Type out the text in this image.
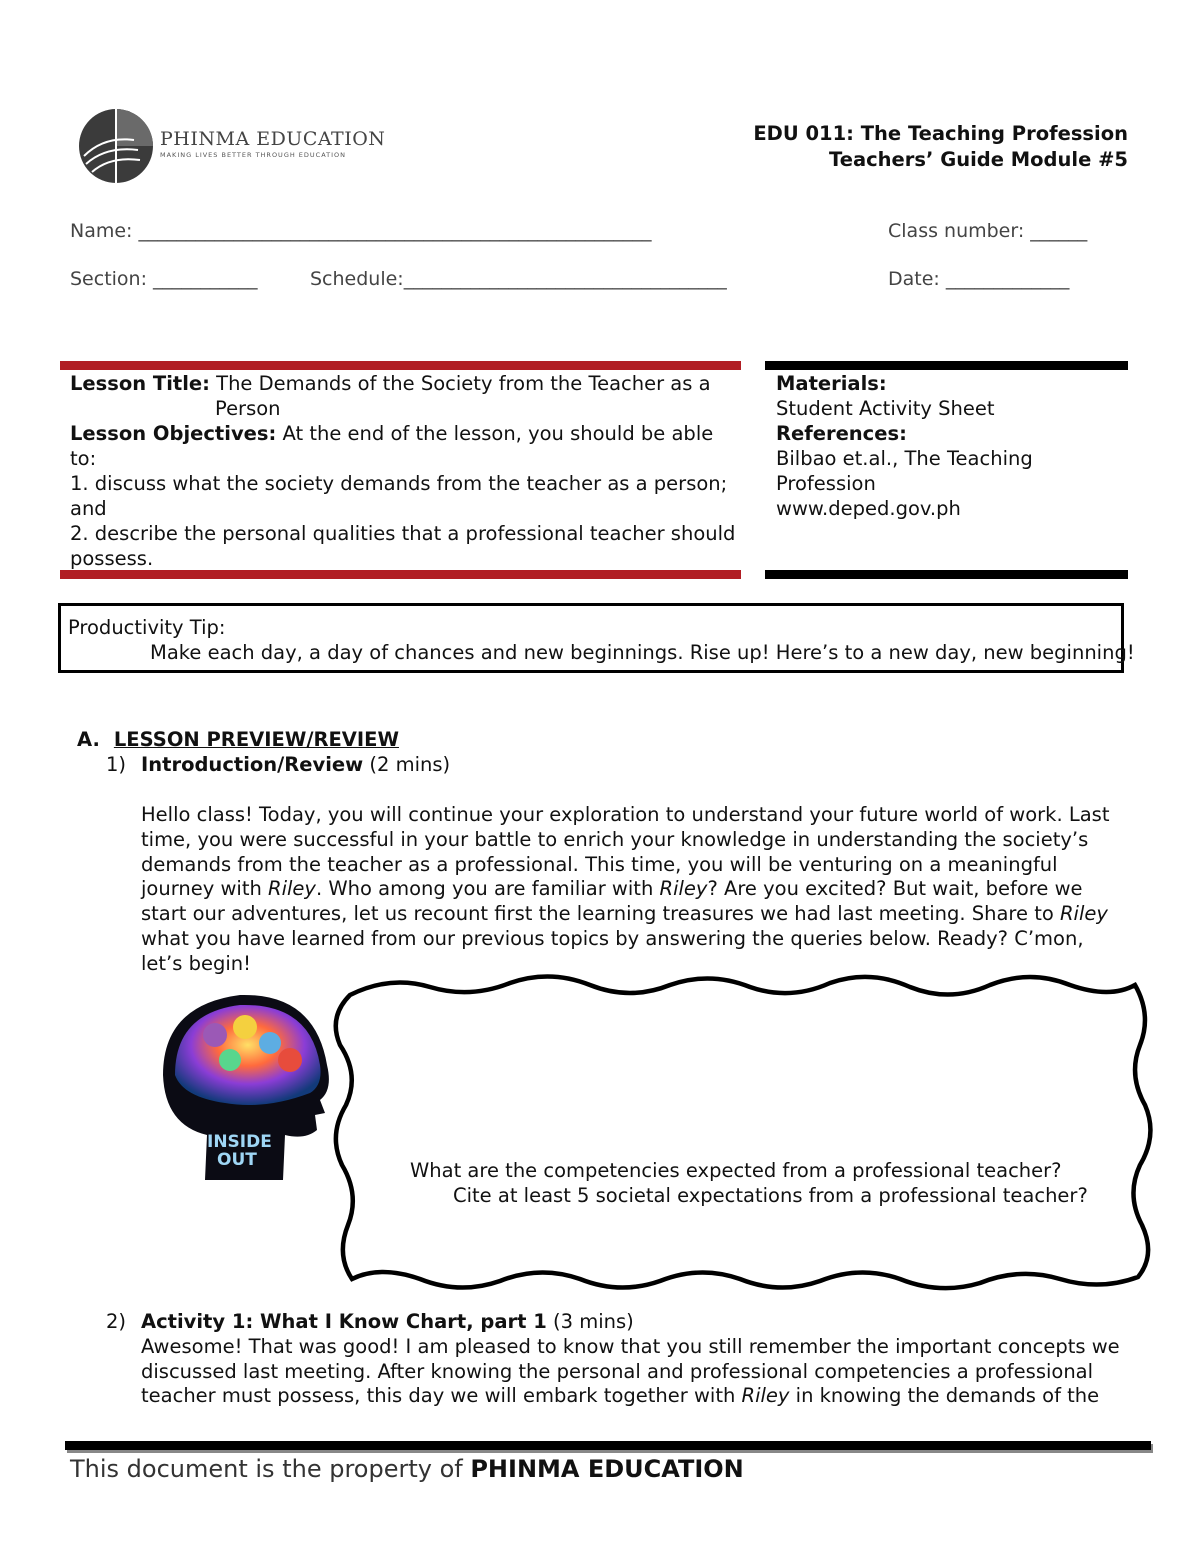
PHINMA EDUCATION
MAKING LIVES BETTER THROUGH EDUCATION
EDU 011: The Teaching Profession
Teachers’ Guide Module #5
Name: ______________________________________________________	Class number: ______
Section: ___________	Schedule:__________________________________	Date: _____________
Lesson Title: The Demands of the Society from the Teacher as a
Person
Lesson Objectives: At the end of the lesson, you should be able to:
1. discuss what the society demands from the teacher as a person; and
2. describe the personal qualities that a professional teacher should possess.
Materials:
Student Activity Sheet
References:
Bilbao et.al., The Teaching Profession
www.deped.gov.ph
Productivity Tip:
Make each day, a day of chances and new beginnings. Rise up! Here’s to a new day, new beginning!
A. LESSON PREVIEW/REVIEW
1) Introduction/Review (2 mins)
Hello class! Today, you will continue your exploration to understand your future world of work. Last time, you were successful in your battle to enrich your knowledge in understanding the society’s demands from the teacher as a professional. This time, you will be venturing on a meaningful journey with Riley. Who among you are familiar with Riley? Are you excited? But wait, before we start our adventures, let us recount first the learning treasures we had last meeting. Share to Riley what you have learned from our previous topics by answering the queries below. Ready? C’mon, let’s begin!
INSIDE
OUT	What are the competencies expected from a professional teacher?
Cite at least 5 societal expectations from a professional teacher?
2) Activity 1: What I Know Chart, part 1 (3 mins)
Awesome! That was good! I am pleased to know that you still remember the important concepts we discussed last meeting. After knowing the personal and professional competencies a professional teacher must possess, this day we will embark together with Riley in knowing the demands of the
This document is the property of PHINMA EDUCATION
